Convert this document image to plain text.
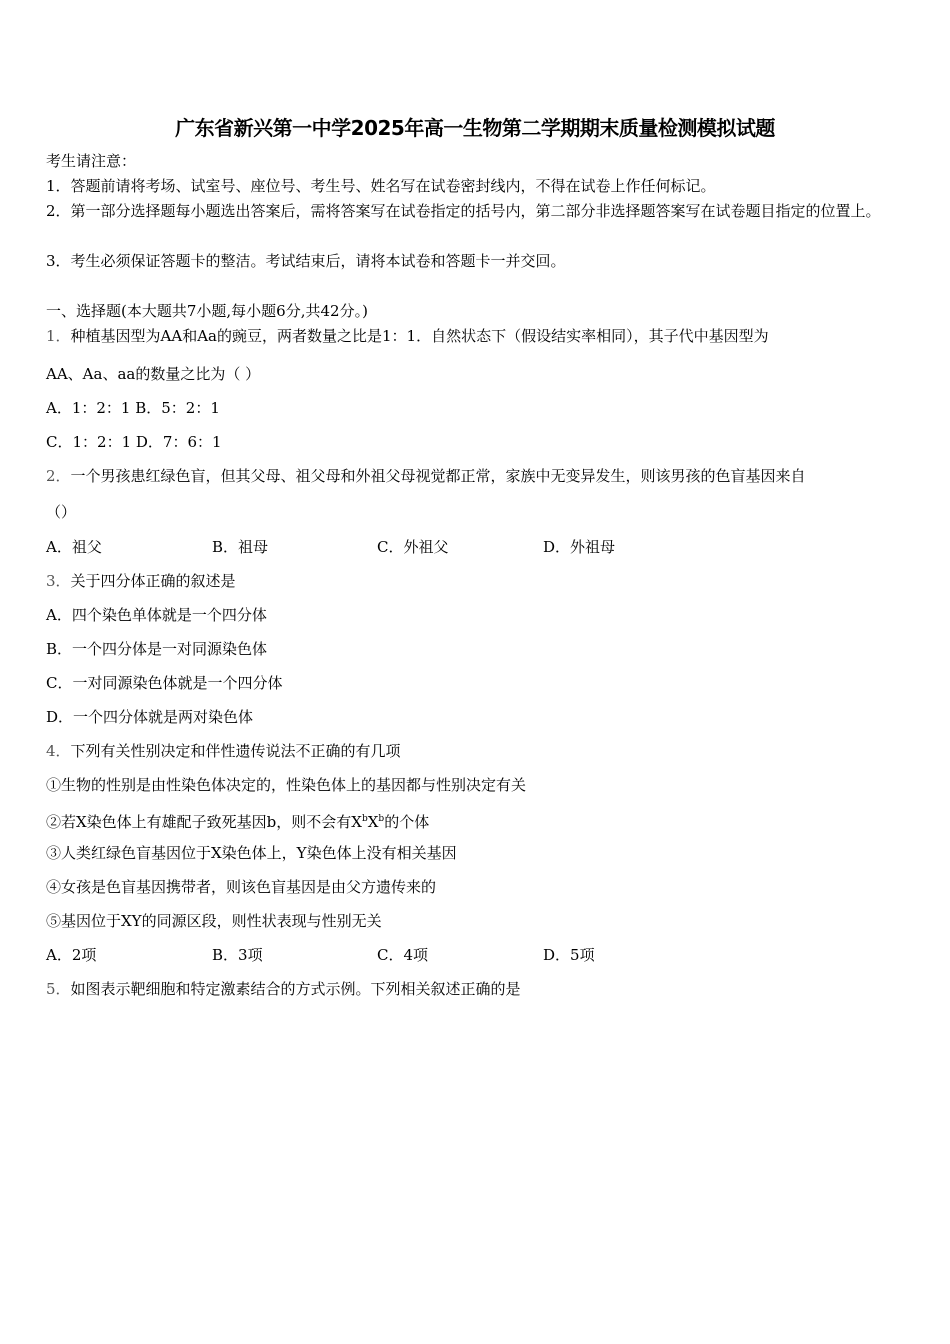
广东省新兴第一中学2025年高一生物第二学期期末质量检测模拟试题
考生请注意：
1．答题前请将考场、试室号、座位号、考生号、姓名写在试卷密封线内，不得在试卷上作任何标记。
2．第一部分选择题每小题选出答案后，需将答案写在试卷指定的括号内，第二部分非选择题答案写在试卷题目指定的位置上。
3．考生必须保证答题卡的整洁。考试结束后，请将本试卷和答题卡一并交回。
一、选择题(本大题共7小题,每小题6分,共42分。)
1．种植基因型为AA和Aa的豌豆，两者数量之比是1：1．自然状态下（假设结实率相同），其子代中基因型为
AA、Aa、aa的数量之比为（ ）
A．1：2：1 B．5：2：1
C．1：2：1 D．7：6：1
2．一个男孩患红绿色盲，但其父母、祖父母和外祖父母视觉都正常，家族中无变异发生，则该男孩的色盲基因来自
（）
A．祖父	B．祖母	C．外祖父	D．外祖母
3．关于四分体正确的叙述是
A．四个染色单体就是一个四分体
B．一个四分体是一对同源染色体
C．一对同源染色体就是一个四分体
D．一个四分体就是两对染色体
4．下列有关性别决定和伴性遗传说法不正确的有几项
①生物的性别是由性染色体决定的，性染色体上的基因都与性别决定有关
②若X染色体上有雄配子致死基因b，则不会有$X^bX^b$的个体
③人类红绿色盲基因位于X染色体上，Y染色体上没有相关基因
④女孩是色盲基因携带者，则该色盲基因是由父方遗传来的
⑤基因位于XY的同源区段，则性状表现与性别无关
A．2项	B．3项	C．4项	D．5项
5．如图表示靶细胞和特定激素结合的方式示例。下列相关叙述正确的是
